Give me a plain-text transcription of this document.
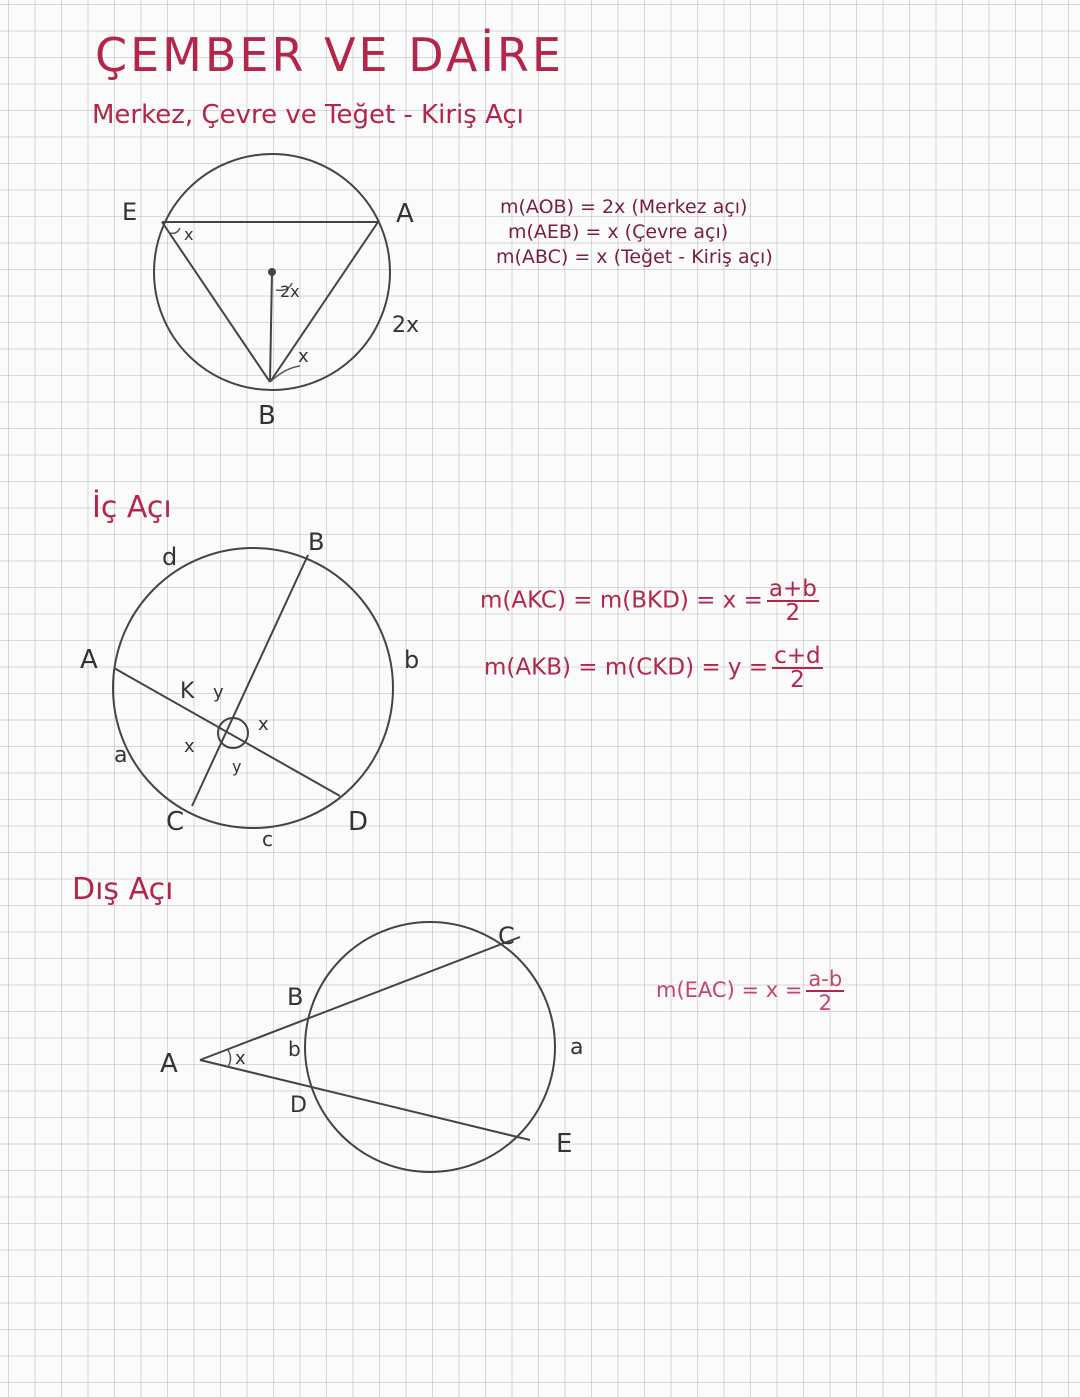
ÇEMBER VE DAİRE
Merkez, Çevre ve Teğet - Kiriş Açı
E	A
B
x
2x
x
2x
m(AOB) = 2x (Merkez açı)
m(AEB) = x (Çevre açı)
m(ABC) = x (Teğet - Kiriş açı)
İç Açı
d
B
A	b
K y
x
x
y
a
C
c
D
$m(AKC) = m(BKD) = x = \frac{a+b}{2}$
$m(AKB) = m(CKD) = y = \frac{c+d}{2}$
Dış Açı
C
B
b
A	x
D
a
E
$m(EAC) = x = \frac{a-b}{2}$
